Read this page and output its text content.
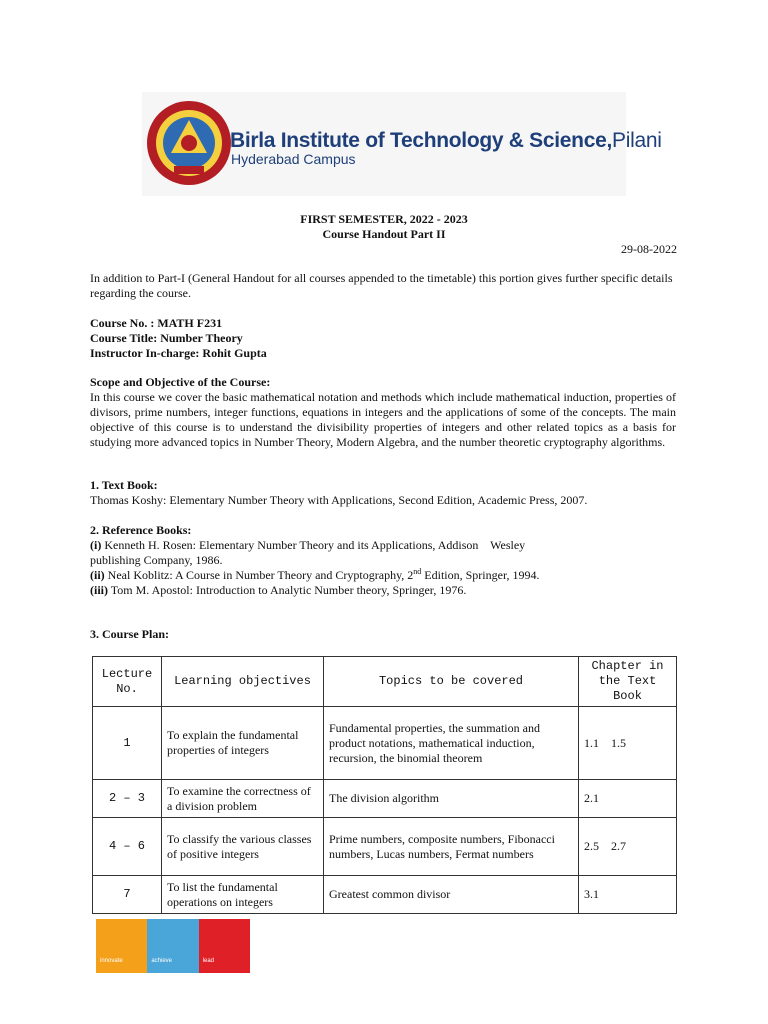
Birla Institute of Technology & Science,Pilani
Hyderabad Campus
FIRST SEMESTER, 2022 - 2023
Course Handout Part II
29-08-2022
In addition to Part-I (General Handout for all courses appended to the timetable) this portion gives further specific details regarding the course.
Course No. : MATH F231
Course Title: Number Theory
Instructor In-charge: Rohit Gupta
Scope and Objective of the Course:
In this course we cover the basic mathematical notation and methods which include mathematical induction, properties of divisors, prime numbers, integer functions, equations in integers and the applications of some of the concepts. The main objective of this course is to understand the divisibility properties of integers and other related topics as a basis for studying more advanced topics in Number Theory, Modern Algebra, and the number theoretic cryptography algorithms.
1. Text Book:
Thomas Koshy: Elementary Number Theory with Applications, Second Edition, Academic Press, 2007.
2. Reference Books:
(i) Kenneth H. Rosen: Elementary Number Theory and its Applications, Addison    Wesley
publishing Company, 1986.
(ii) Neal Koblitz: A Course in Number Theory and Cryptography, 2nd Edition, Springer, 1994.
(iii) Tom M. Apostol: Introduction to Analytic Number theory, Springer, 1976.
3. Course Plan:
Lecture No.	Learning objectives	Topics to be covered	Chapter in the Text Book
1	To explain the fundamental properties of integers	Fundamental properties, the summation and product notations, mathematical induction, recursion, the binomial theorem	1.1    1.5
2 – 3	To examine the correctness of a division problem	The division algorithm	2.1
4 – 6	To classify the various classes of positive integers	Prime numbers, composite numbers, Fibonacci numbers, Lucas numbers, Fermat numbers	2.5    2.7
7	To list the fundamental operations on integers	Greatest common divisor	3.1
innovate	achieve	lead
